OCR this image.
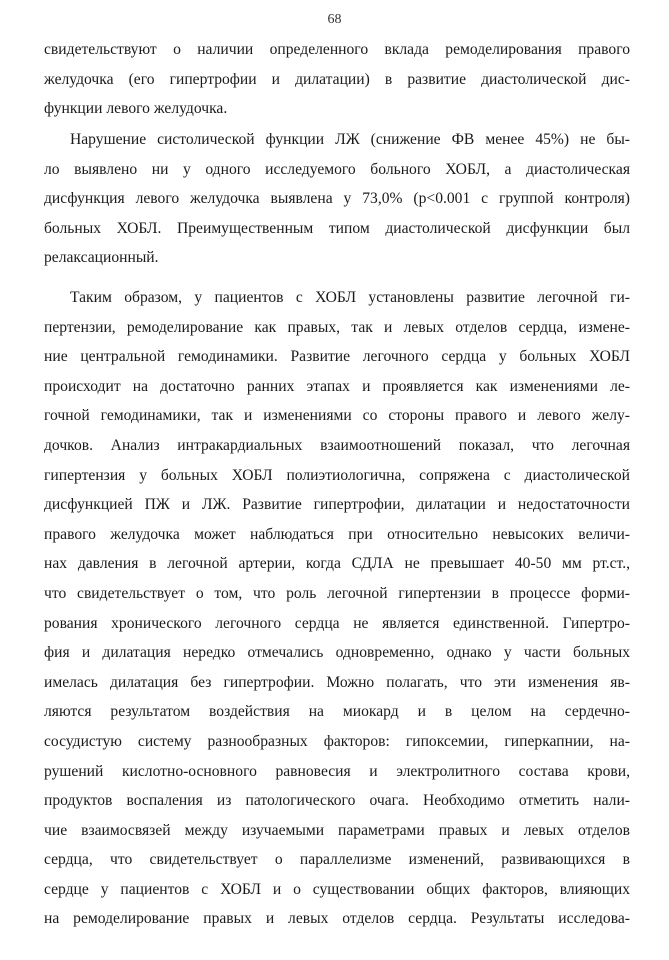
68
свидетельствуют о наличии определенного вклада ремоделирования правого
желудочка (его гипертрофии и дилатации) в развитие диастолической дис-
функции левого желудочка.
Нарушение систолической функции ЛЖ (снижение ФВ менее 45%) не бы-
ло выявлено ни у одного исследуемого больного ХОБЛ, а диастолическая
дисфункция левого желудочка выявлена у 73,0% (p<0.001 с группой контроля)
больных ХОБЛ. Преимущественным типом диастолической дисфункции был
релаксационный.
Таким образом, у пациентов с ХОБЛ установлены развитие легочной ги-
пертензии, ремоделирование как правых, так и левых отделов сердца, измене-
ние центральной гемодинамики. Развитие легочного сердца у больных ХОБЛ
происходит на достаточно ранних этапах и проявляется как изменениями ле-
гочной гемодинамики, так и изменениями со стороны правого и левого желу-
дочков. Анализ интракардиальных взаимоотношений показал, что легочная
гипертензия у больных ХОБЛ полиэтиологична, сопряжена с диастолической
дисфункцией ПЖ и ЛЖ. Развитие гипертрофии, дилатации и недостаточности
правого желудочка может наблюдаться при относительно невысоких величи-
нах давления в легочной артерии, когда СДЛА не превышает 40-50 мм рт.ст.,
что свидетельствует о том, что роль легочной гипертензии в процессе форми-
рования хронического легочного сердца не является единственной. Гипертро-
фия и дилатация нередко отмечались одновременно, однако у части больных
имелась дилатация без гипертрофии. Можно полагать, что эти изменения яв-
ляются результатом воздействия на миокард и в целом на сердечно-
сосудистую систему разнообразных факторов: гипоксемии, гиперкапнии, на-
рушений кислотно-основного равновесия и электролитного состава крови,
продуктов воспаления из патологического очага. Необходимо отметить нали-
чие взаимосвязей между изучаемыми параметрами правых и левых отделов
сердца, что свидетельствует о параллелизме изменений, развивающихся в
сердце у пациентов с ХОБЛ и о существовании общих факторов, влияющих
на ремоделирование правых и левых отделов сердца. Результаты исследова-
